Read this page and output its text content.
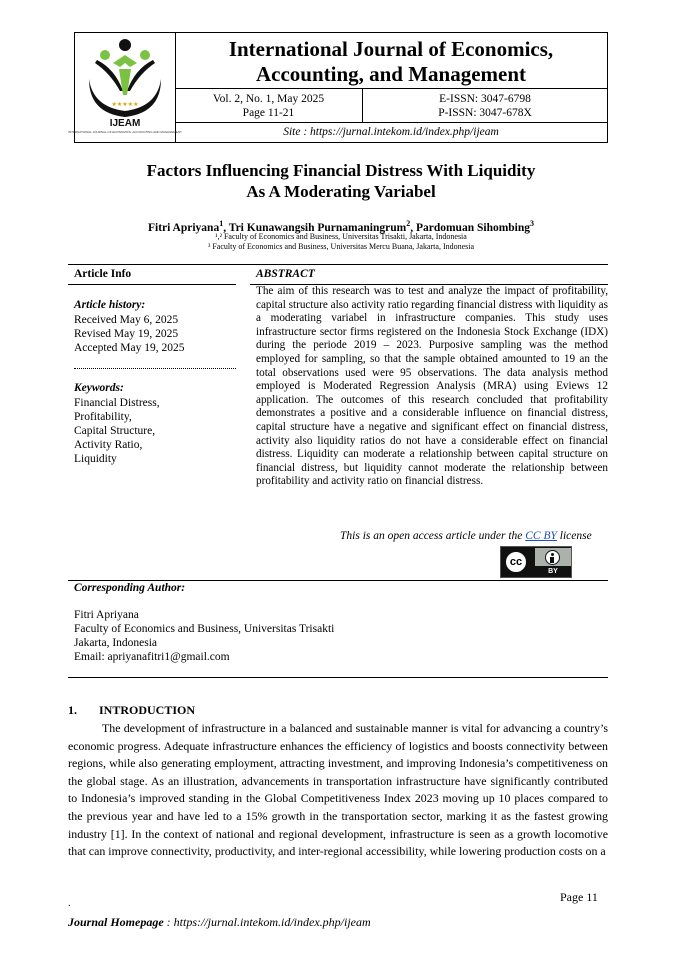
★★★★★
IJEAM
INTERNATIONAL JOURNAL OF ECONOMICS, ACCOUNTING AND MANAGEMENT
International Journal of Economics,
Accounting, and Management
Vol. 2, No. 1, May 2025
Page 11-21
E-ISSN: 3047-6798
P-ISSN: 3047-678X
Site : https://jurnal.intekom.id/index.php/ijeam
Factors Influencing Financial Distress With Liquidity
As A Moderating Variabel
Fitri Apriyana$^1$, Tri Kunawangsih Purnamaningrum$^2$, Pardomuan Sihombing$^3$
¹,² Faculty of Economics and Business, Universitas Trisakti, Jakarta, Indonesia
³ Faculty of Economics and Business, Universitas Mercu Buana, Jakarta, Indonesia
Article Info
Article history:
Received May 6, 2025
Revised May 19, 2025
Accepted May 19, 2025
Keywords:
Financial Distress,
Profitability,
Capital Structure,
Activity Ratio,
Liquidity
ABSTRACT
The aim of this research was to test and analyze the impact of profitability, capital structure also activity ratio regarding financial distress with liquidity as a moderating variabel in infrastructure companies. This study uses infrastructure sector firms registered on the Indonesia Stock Exchange (IDX) during the periode 2019 – 2023. Purposive sampling was the method employed for sampling, so that the sample obtained amounted to 19 an the total observations used were 95 observations. The data analysis method employed is Moderated Regression Analysis (MRA) using Eviews 12 application. The outcomes of this research concluded that profitability demonstrates a positive and a considerable influence on financial distress, capital structure have a negative and significant effect on financial distress, activity also liquidity ratios do not have a considerable effect on financial distress. Liquidity can moderate a relationship between capital structure on financial distress, but liquidity cannot moderate the relationship between profitability and activity ratio on financial distress.
This is an open access article under the CC BY license
cc
BY
Corresponding Author:
Fitri Apriyana
Faculty of Economics and Business, Universitas Trisakti
Jakarta, Indonesia
Email: apriyanafitri1@gmail.com
1. INTRODUCTION
The development of infrastructure in a balanced and sustainable manner is vital for advancing a country’s economic progress. Adequate infrastructure enhances the efficiency of logistics and boosts connectivity between regions, while also generating employment, attracting investment, and improving Indonesia’s competitiveness on the global stage. As an illustration, advancements in transportation infrastructure have significantly contributed to Indonesia’s improved standing in the Global Competitiveness Index 2023 moving up 10 places compared to the previous year and have led to a 15% growth in the transportation sector, marking it as the fastest growing industry [1]. In the context of national and regional development, infrastructure is seen as a growth locomotive that can improve connectivity, productivity, and inter-regional accessibility, while lowering production costs on a
Page 11
.
Journal Homepage : https://jurnal.intekom.id/index.php/ijeam
